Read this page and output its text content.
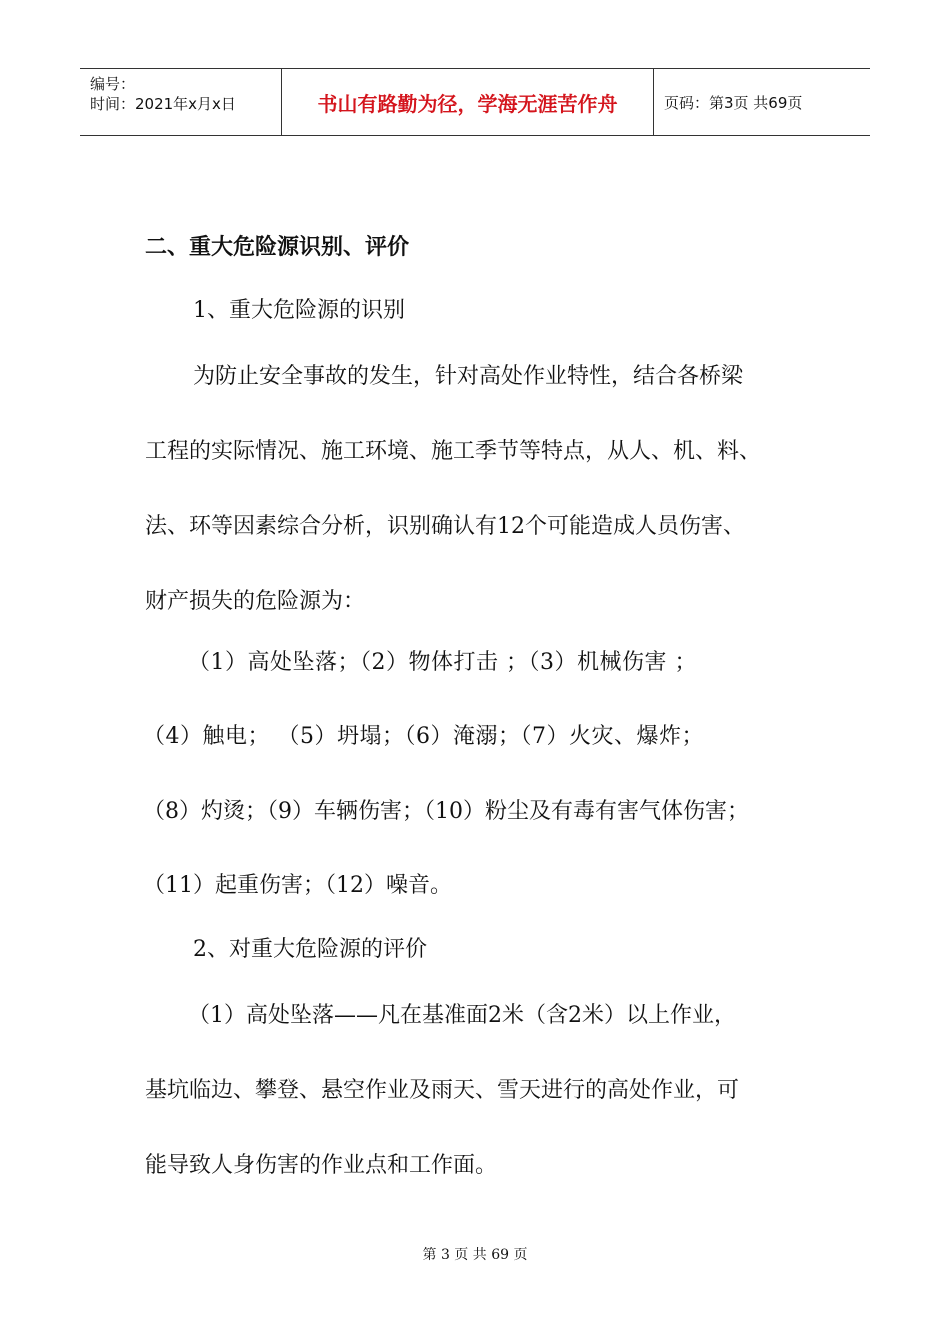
编号：
时间：2021年x月x日	书山有路勤为径，学海无涯苦作舟	页码：第3页 共69页
二、重大危险源识别、评价
1、重大危险源的识别
为防止安全事故的发生，针对高处作业特性，结合各桥梁
工程的实际情况、施工环境、施工季节等特点，从人、机、料、
法、环等因素综合分析，识别确认有12个可能造成人员伤害、
财产损失的危险源为：
（1）高处坠落；（2）物体打击 ；（3）机械伤害 ；
（4）触电； （5）坍塌；（6）淹溺；（7）火灾、爆炸；
（8）灼烫；（9）车辆伤害；（10）粉尘及有毒有害气体伤害；
（11）起重伤害；（12）噪音。
2、对重大危险源的评价
（1）高处坠落——凡在基准面2米（含2米）以上作业，
基坑临边、攀登、悬空作业及雨天、雪天进行的高处作业，可
能导致人身伤害的作业点和工作面。
第 3 页 共 69 页
